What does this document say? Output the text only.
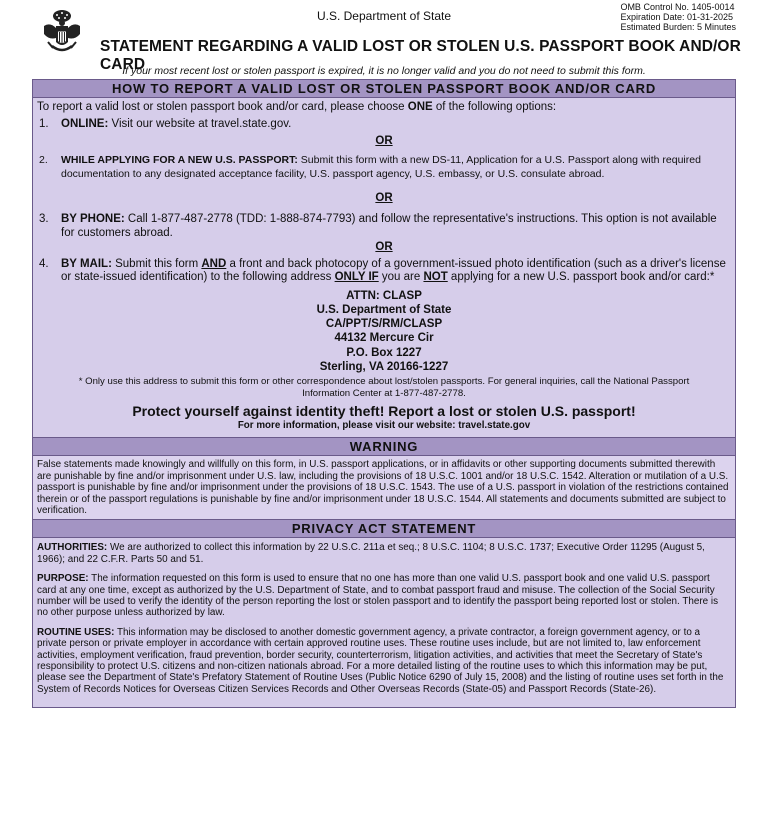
U.S. Department of State
OMB Control No. 1405-0014
Expiration Date: 01-31-2025
Estimated Burden: 5 Minutes
STATEMENT REGARDING A VALID LOST OR STOLEN U.S. PASSPORT BOOK AND/OR CARD
If your most recent lost or stolen passport is expired, it is no longer valid and you do not need to submit this form.
HOW TO REPORT A VALID LOST OR STOLEN PASSPORT BOOK AND/OR CARD
To report a valid lost or stolen passport book and/or card, please choose ONE of the following options:
1.	ONLINE: Visit our website at travel.state.gov.
OR
2.	WHILE APPLYING FOR A NEW U.S. PASSPORT: Submit this form with a new DS-11, Application for a U.S. Passport along with required documentation to any designated acceptance facility, U.S. passport agency, U.S. embassy, or U.S. consulate abroad.
OR
3.	BY PHONE: Call 1-877-487-2778 (TDD: 1-888-874-7793) and follow the representative's instructions. This option is not available for customers abroad.
OR
4.	BY MAIL: Submit this form AND a front and back photocopy of a government-issued photo identification (such as a driver's license or state-issued identification) to the following address ONLY IF you are NOT applying for a new U.S. passport book and/or card:*
ATTN: CLASP
U.S. Department of State
CA/PPT/S/RM/CLASP
44132 Mercure Cir
P.O. Box 1227
Sterling, VA 20166-1227
* Only use this address to submit this form or other correspondence about lost/stolen passports. For general inquiries, call the National Passport Information Center at 1-877-487-2778.
Protect yourself against identity theft! Report a lost or stolen U.S. passport!
For more information, please visit our website: travel.state.gov
WARNING
False statements made knowingly and willfully on this form, in U.S. passport applications, or in affidavits or other supporting documents submitted therewith are punishable by fine and/or imprisonment under U.S. law, including the provisions of 18 U.S.C. 1001 and/or 18 U.S.C. 1542. Alteration or mutilation of a U.S. passport is punishable by fine and/or imprisonment under the provisions of 18 U.S.C. 1543. The use of a U.S. passport in violation of the restrictions contained therein or of the passport regulations is punishable by fine and/or imprisonment under 18 U.S.C. 1544. All statements and documents submitted are subject to verification.
PRIVACY ACT STATEMENT

AUTHORITIES: We are authorized to collect this information by 22 U.S.C. 211a et seq.; 8 U.S.C. 1104; 8 U.S.C. 1737; Executive Order 11295 (August 5, 1966); and 22 C.F.R. Parts 50 and 51.

PURPOSE: The information requested on this form is used to ensure that no one has more than one valid U.S. passport book and one valid U.S. passport card at any one time, except as authorized by the U.S. Department of State, and to combat passport fraud and misuse. The collection of the Social Security number will be used to verify the identity of the person reporting the lost or stolen passport and to identify the passport being reported lost or stolen. There is no other purpose unless authorized by law.

ROUTINE USES: This information may be disclosed to another domestic government agency, a private contractor, a foreign government agency, or to a private person or private employer in accordance with certain approved routine uses. These routine uses include, but are not limited to, law enforcement activities, employment verification, fraud prevention, border security, counterterrorism, litigation activities, and activities that meet the Secretary of State's responsibility to protect U.S. citizens and non-citizen nationals abroad. For a more detailed listing of the routine uses to which this information may be put, please see the Department of State's Prefatory Statement of Routine Uses (Public Notice 6290 of July 15, 2008) and the listing of routine uses set forth in the System of Records Notices for Overseas Citizen Services Records and Other Overseas Records (State-05) and Passport Records (State-26).
